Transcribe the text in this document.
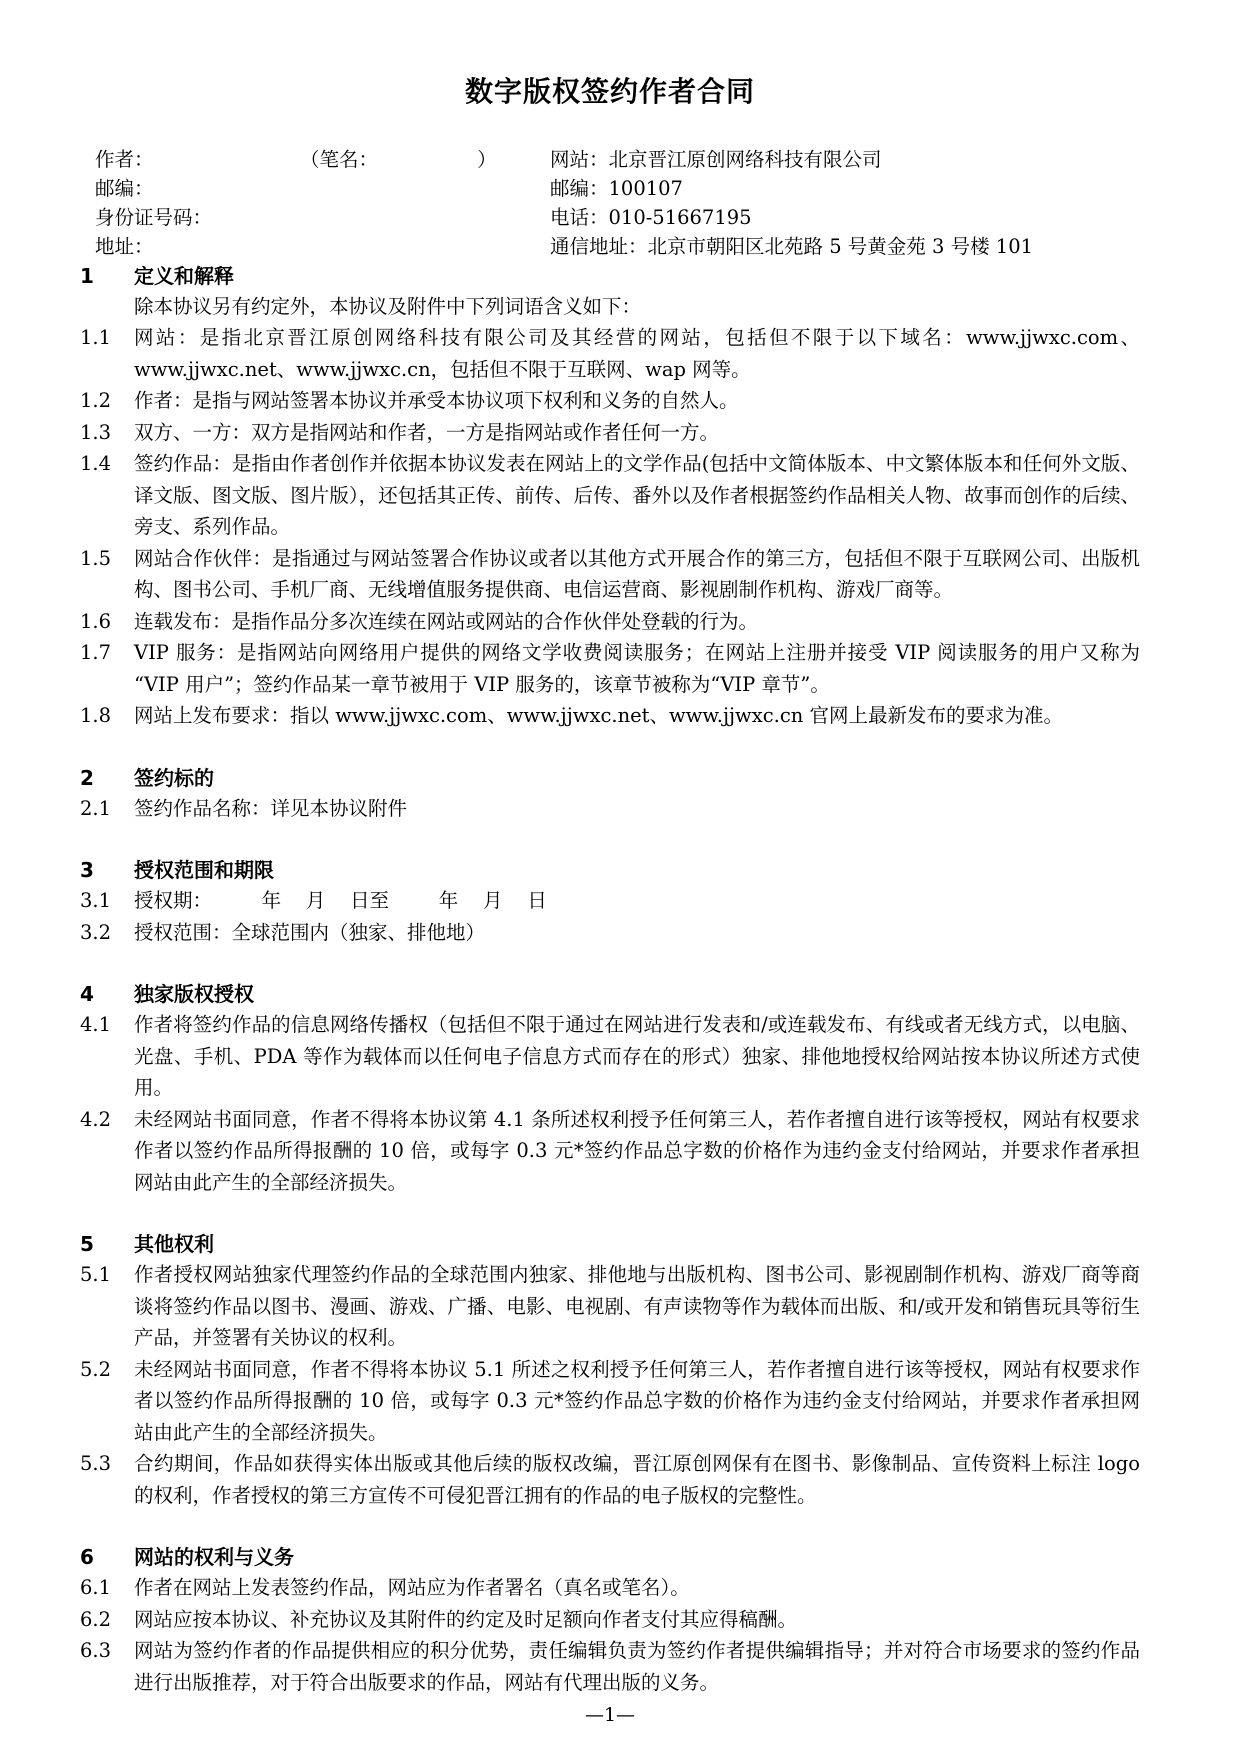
数字版权签约作者合同
作者：	（笔名：                ）	网站：北京晋江原创网络科技有限公司
邮编：	邮编：100107
身份证号码：	电话：010-51667195
地址：	通信地址：北京市朝阳区北苑路 5 号黄金苑 3 号楼 101
1	定义和解释
除本协议另有约定外，本协议及附件中下列词语含义如下：
1.1	网站：是指北京晋江原创网络科技有限公司及其经营的网站，包括但不限于以下域名：www.jjwxc.com、www.jjwxc.net、www.jjwxc.cn，包括但不限于互联网、wap 网等。
1.2	作者：是指与网站签署本协议并承受本协议项下权利和义务的自然人。
1.3	双方、一方：双方是指网站和作者，一方是指网站或作者任何一方。
1.4	签约作品：是指由作者创作并依据本协议发表在网站上的文学作品(包括中文简体版本、中文繁体版本和任何外文版、译文版、图文版、图片版），还包括其正传、前传、后传、番外以及作者根据签约作品相关人物、故事而创作的后续、旁支、系列作品。
1.5	网站合作伙伴：是指通过与网站签署合作协议或者以其他方式开展合作的第三方，包括但不限于互联网公司、出版机构、图书公司、手机厂商、无线增值服务提供商、电信运营商、影视剧制作机构、游戏厂商等。
1.6	连载发布：是指作品分多次连续在网站或网站的合作伙伴处登载的行为。
1.7	VIP 服务：是指网站向网络用户提供的网络文学收费阅读服务；在网站上注册并接受 VIP 阅读服务的用户又称为“VIP 用户”；签约作品某一章节被用于 VIP 服务的，该章节被称为“VIP 章节”。
1.8	网站上发布要求：指以 www.jjwxc.com、www.jjwxc.net、www.jjwxc.cn 官网上最新发布的要求为准。
2	签约标的
2.1	签约作品名称：详见本协议附件
3	授权范围和期限
3.1	授权期：        年    月    日至        年    月    日
3.2	授权范围：全球范围内（独家、排他地）
4	独家版权授权
4.1	作者将签约作品的信息网络传播权（包括但不限于通过在网站进行发表和/或连载发布、有线或者无线方式，以电脑、光盘、手机、PDA 等作为载体而以任何电子信息方式而存在的形式）独家、排他地授权给网站按本协议所述方式使用。
4.2	未经网站书面同意，作者不得将本协议第 4.1 条所述权利授予任何第三人，若作者擅自进行该等授权，网站有权要求作者以签约作品所得报酬的 10 倍，或每字 0.3 元*签约作品总字数的价格作为违约金支付给网站，并要求作者承担网站由此产生的全部经济损失。
5	其他权利
5.1	作者授权网站独家代理签约作品的全球范围内独家、排他地与出版机构、图书公司、影视剧制作机构、游戏厂商等商谈将签约作品以图书、漫画、游戏、广播、电影、电视剧、有声读物等作为载体而出版、和/或开发和销售玩具等衍生产品，并签署有关协议的权利。
5.2	未经网站书面同意，作者不得将本协议 5.1 所述之权利授予任何第三人，若作者擅自进行该等授权，网站有权要求作者以签约作品所得报酬的 10 倍，或每字 0.3 元*签约作品总字数的价格作为违约金支付给网站，并要求作者承担网站由此产生的全部经济损失。
5.3	合约期间，作品如获得实体出版或其他后续的版权改编，晋江原创网保有在图书、影像制品、宣传资料上标注 logo 的权利，作者授权的第三方宣传不可侵犯晋江拥有的作品的电子版权的完整性。
6	网站的权利与义务
6.1	作者在网站上发表签约作品，网站应为作者署名（真名或笔名）。
6.2	网站应按本协议、补充协议及其附件的约定及时足额向作者支付其应得稿酬。
6.3	网站为签约作者的作品提供相应的积分优势，责任编辑负责为签约作者提供编辑指导；并对符合市场要求的签约作品进行出版推荐，对于符合出版要求的作品，网站有代理出版的义务。
—1—
